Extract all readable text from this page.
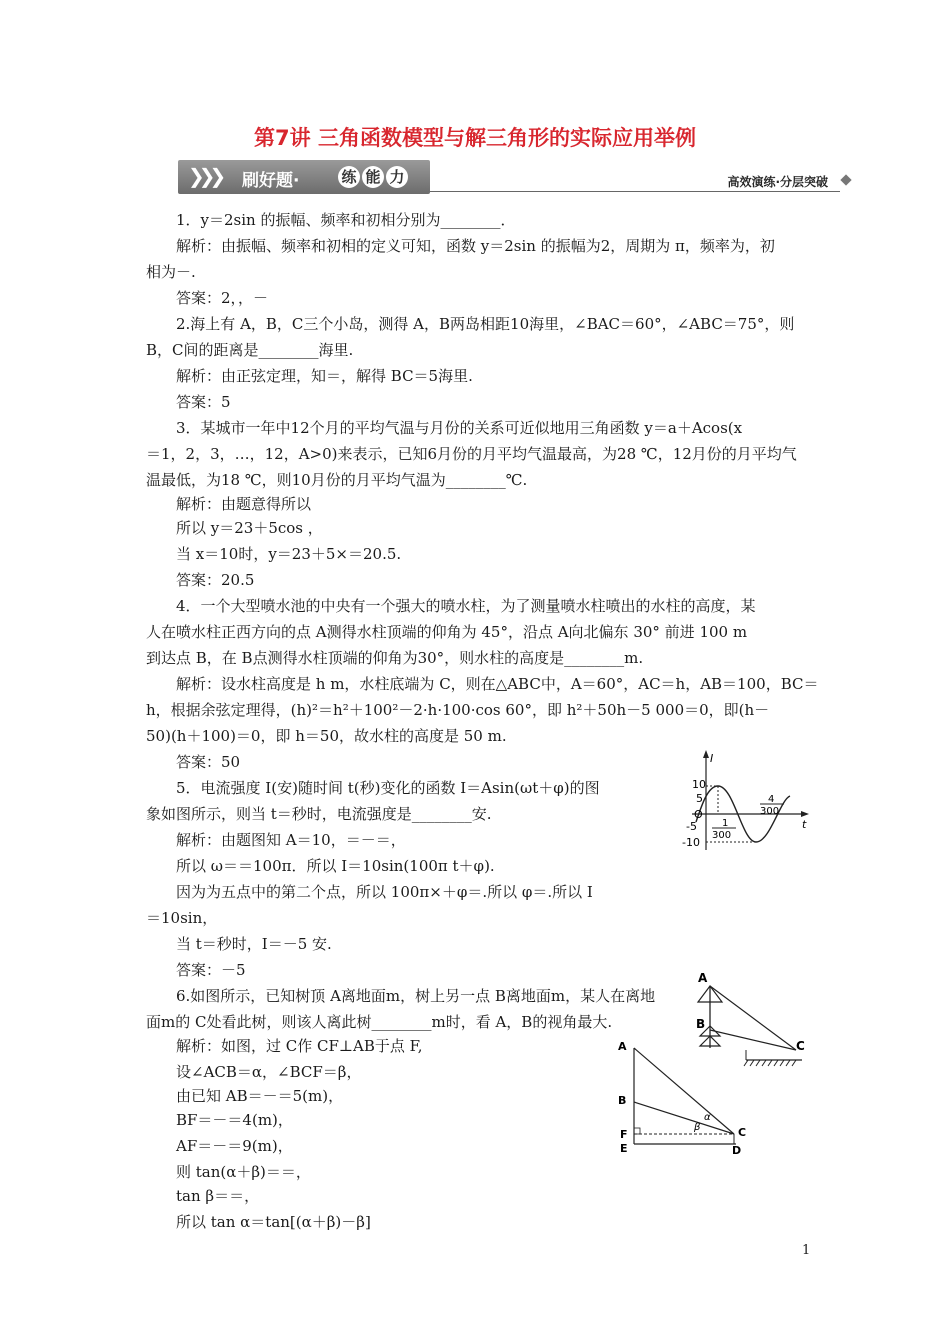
第7讲 三角函数模型与解三角形的实际应用举例
❯❯❯ 刷好题·	练 能 力	高效演练·分层突破
1．y＝2sin 的振幅、频率和初相分别为________．
解析：由振幅、频率和初相的定义可知，函数 y＝2sin 的振幅为2，周期为 π，频率为，初
相为－.
答案：2，，－
2.海上有 A，B，C三个小岛，测得 A，B两岛相距10海里，∠BAC＝60°，∠ABC＝75°，则
B，C间的距离是________海里.
解析：由正弦定理，知＝，解得 BC＝5海里.
答案：5
3．某城市一年中12个月的平均气温与月份的关系可近似地用三角函数 y＝a＋Acos(x
＝1，2，3，…，12，A>0)来表示，已知6月份的月平均气温最高，为28 ℃，12月份的月平均气
温最低，为18 ℃，则10月份的月平均气温为________℃.
解析：由题意得所以
所以 y＝23＋5cos ，
当 x＝10时，y＝23＋5×＝20.5.
答案：20.5
4．一个大型喷水池的中央有一个强大的喷水柱，为了测量喷水柱喷出的水柱的高度，某
人在喷水柱正西方向的点 A测得水柱顶端的仰角为 45°，沿点 A向北偏东 30° 前进 100 m
到达点 B，在 B点测得水柱顶端的仰角为30°，则水柱的高度是________m.
解析：设水柱高度是 h m，水柱底端为 C，则在△ABC中，A＝60°，AC＝h，AB＝100，BC＝
h，根据余弦定理得，(h)²＝h²＋100²－2·h·100·cos 60°，即 h²＋50h－5 000＝0，即(h－
50)(h＋100)＝0，即 h＝50，故水柱的高度是 50 m.
答案：50
5．电流强度 I(安)随时间 t(秒)变化的函数 I＝Asin(ωt＋φ)的图
象如图所示，则当 t＝秒时，电流强度是________安.
解析：由题图知 A＝10，＝－＝，
所以 ω＝＝100π．所以 I＝10sin(100π t＋φ).
因为为五点中的第二个点，所以 100π×＋φ＝.所以 φ＝.所以 I
＝10sin，
当 t＝秒时，I＝－5 安.
答案：－5
6.如图所示，已知树顶 A离地面m，树上另一点 B离地面m，某人在离地
面m的 C处看此树，则该人离此树________m时，看 A，B的视角最大.
解析：如图，过 C作 CF⊥AB于点 F,
设∠ACB＝α，∠BCF＝β，
由已知 AB＝－＝5(m)，
BF＝－＝4(m)，
AF＝－＝9(m)，
则 tan(α＋β)＝＝，
tan β＝＝，
所以 tan α＝tan[(α＋β)－β]
I
t
10
5
O
-5
-10
1
300
4
300
A
B
C
A
B
C
F
E	D
α
β
1
